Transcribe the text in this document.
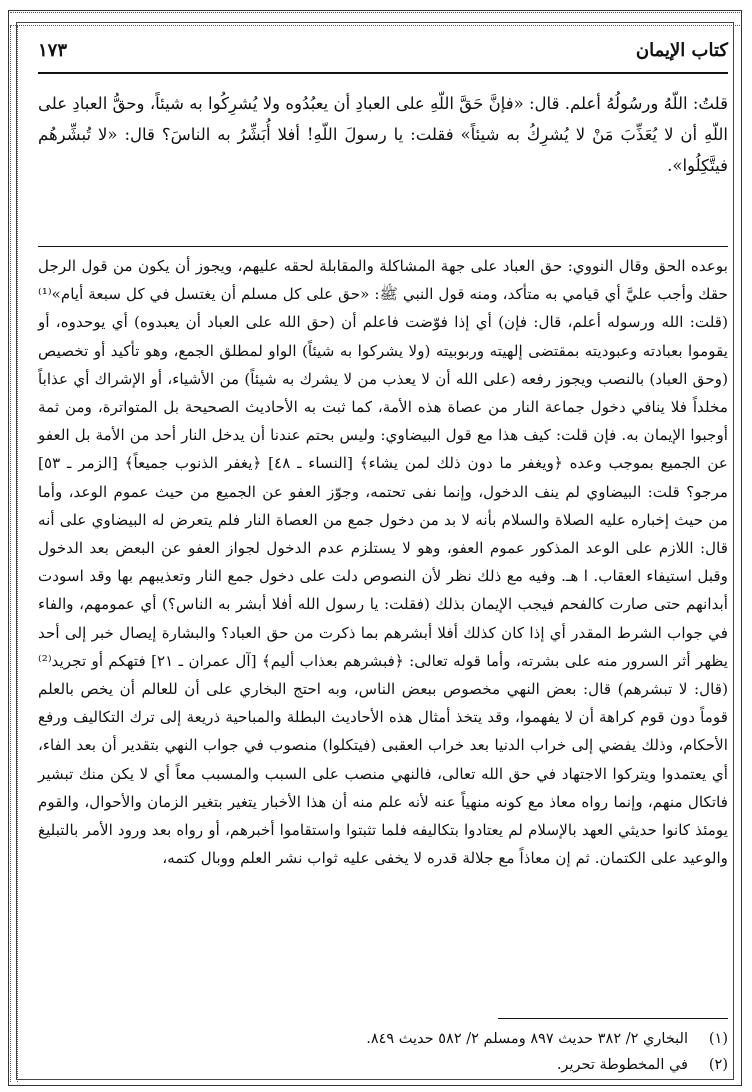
كتاب الإيمان
١٧٣

قلتُ: اللّهُ ورسُولُهُ أعلم. قال: «فإنَّ حَقَّ اللّهِ على العبادِ أن يعبُدُوه ولا يُشرِكُوا به شيئاً، وحقُّ العبادِ على اللّهِ أن لا يُعَذِّبَ مَنْ لا يُشرِكُ به شيئاً» فقلت: يا رسولَ اللّهِ! أفلا أُبَشِّرُ به الناسَ؟ قال: «لا تُبشِّرهُم فيتَّكِلُوا».

بوعده الحق وقال النووي: حق العباد على جهة المشاكلة والمقابلة لحقه عليهم، ويجوز أن يكون من قول الرجل حقك وأجب عليَّ أي قيامي به متأكد، ومنه قول النبي ﷺ: «حق على كل مسلم أن يغتسل في كل سبعة أيام»⁽¹⁾ (قلت: الله ورسوله أعلم، قال: فإن) أي إذا فوّضت فاعلم أن (حق الله على العباد أن يعبدوه) أي يوحدوه، أو يقوموا بعبادته وعبوديته بمقتضى إلهيته وربوبيته (ولا يشركوا به شيئاً) الواو لمطلق الجمع، وهو تأكيد أو تخصيص (وحق العباد) بالنصب ويجوز رفعه (على الله أن لا يعذب من لا يشرك به شيئاً) من الأشياء، أو الإشراك أي عذاباً مخلداً فلا ينافي دخول جماعة النار من عصاة هذه الأمة، كما ثبت به الأحاديث الصحيحة بل المتواترة، ومن ثمة أوجبوا الإيمان به. فإن قلت: كيف هذا مع قول البيضاوي: وليس بحتم عندنا أن يدخل النار أحد من الأمة بل العفو عن الجميع بموجب وعده ﴿ويغفر ما دون ذلك لمن يشاء﴾ [النساء ـ ٤٨] ﴿يغفر الذنوب جميعاً﴾ [الزمر ـ ٥٣] مرجو؟ قلت: البيضاوي لم ينف الدخول، وإنما نفى تحتمه، وجوّز العفو عن الجميع من حيث عموم الوعد، وأما من حيث إخباره عليه الصلاة والسلام بأنه لا بد من دخول جمع من العصاة النار فلم يتعرض له البيضاوي على أنه قال: اللازم على الوعد المذكور عموم العفو، وهو لا يستلزم عدم الدخول لجواز العفو عن البعض بعد الدخول وقبل استيفاء العقاب. ا هـ. وفيه مع ذلك نظر لأن النصوص دلت على دخول جمع النار وتعذيبهم بها وقد اسودت أبدانهم حتى صارت كالفحم فيجب الإيمان بذلك (فقلت: يا رسول الله أفلا أبشر به الناس؟) أي عمومهم، والفاء في جواب الشرط المقدر أي إذا كان كذلك أفلا أبشرهم بما ذكرت من حق العباد؟ والبشارة إيصال خبر إلى أحد يظهر أثر السرور منه على بشرته، وأما قوله تعالى: ﴿فبشرهم بعذاب أليم﴾ [آل عمران ـ ٢١] فتهكم أو تجريد⁽²⁾ (قال: لا تبشرهم) قال: بعض النهي مخصوص ببعض الناس، وبه احتج البخاري على أن للعالم أن يخص بالعلم قوماً دون قوم كراهة أن لا يفهموا، وقد يتخذ أمثال هذه الأحاديث البطلة والمباحية ذريعة إلى ترك التكاليف ورفع الأحكام، وذلك يفضي إلى خراب الدنيا بعد خراب العقبى (فيتكلوا) منصوب في جواب النهي بتقدير أن بعد الفاء، أي يعتمدوا ويتركوا الاجتهاد في حق الله تعالى، فالنهي منصب على السبب والمسبب معاً أي لا يكن منك تبشير فاتكال منهم، وإنما رواه معاذ مع كونه منهياً عنه لأنه علم منه أن هذا الأخبار يتغير بتغير الزمان والأحوال، والقوم يومئذ كانوا حديثي العهد بالإسلام لم يعتادوا بتكاليفه فلما تثبتوا واستقاموا أخبرهم، أو رواه بعد ورود الأمر بالتبليغ والوعيد على الكتمان. ثم إن معاذاً مع جلالة قدره لا يخفى عليه ثواب نشر العلم ووبال كتمه،

(١)
البخاري ٢/ ٣٨٢ حديث ٨٩٧ ومسلم ٢/ ٥٨٢ حديث ٨٤٩.
(٢)
في المخطوطة تحرير.
